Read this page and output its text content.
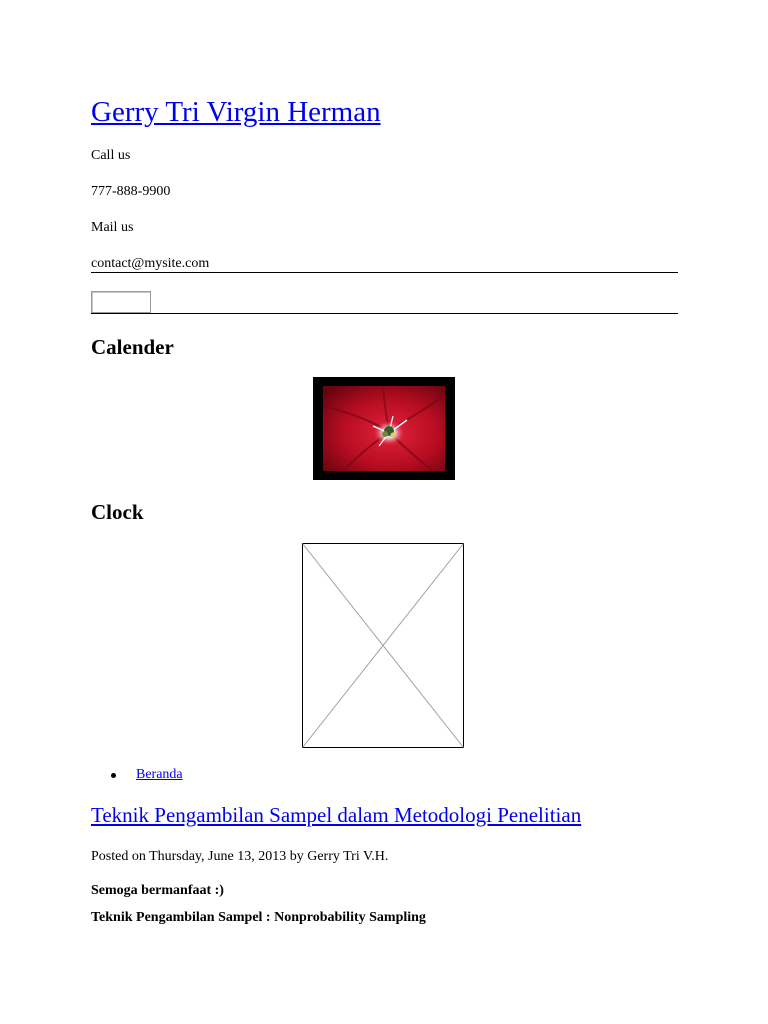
Gerry Tri Virgin Herman
Call us
777-888-9900
Mail us
contact@mysite.com
Calender
Clock
Beranda
Teknik Pengambilan Sampel dalam Metodologi Penelitian
Posted on Thursday, June 13, 2013 by Gerry Tri V.H.
Semoga bermanfaat :)
Teknik Pengambilan Sampel : Nonprobability Sampling
